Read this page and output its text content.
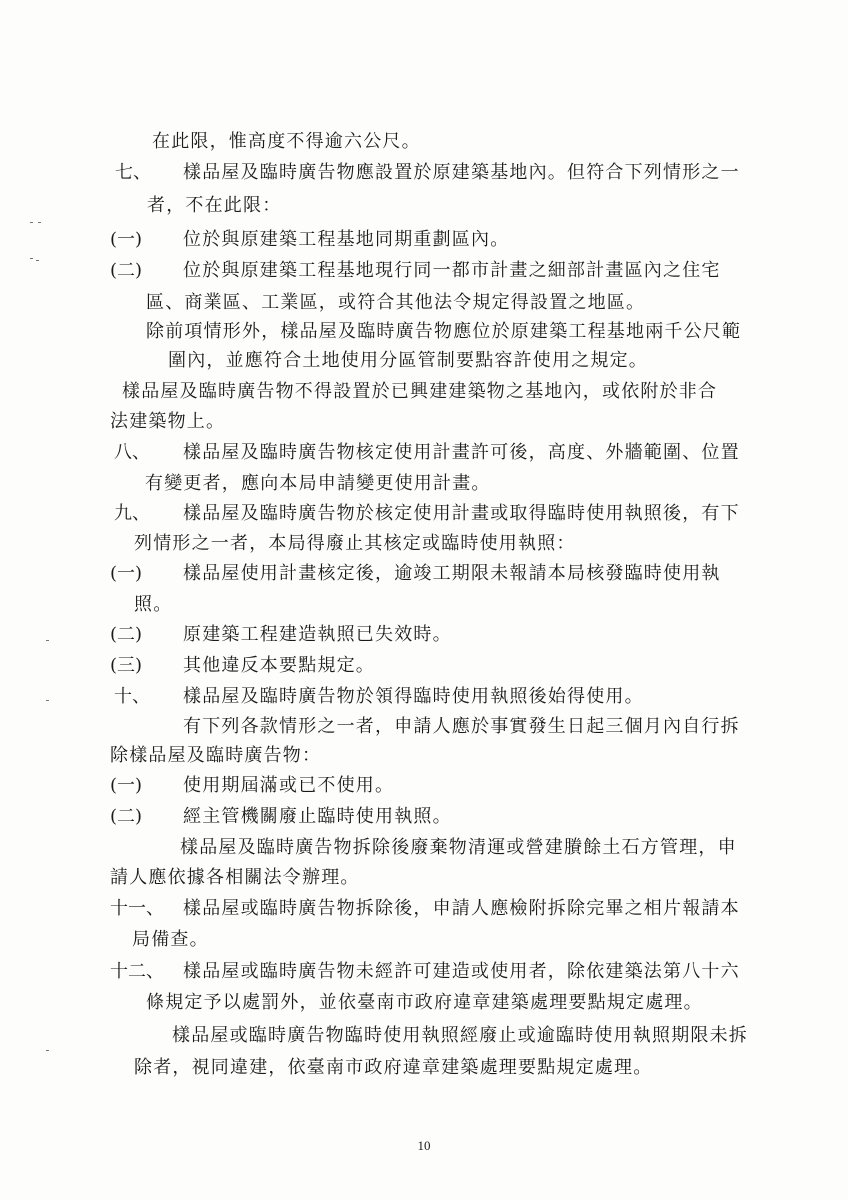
在此限，惟高度不得逾六公尺。
七、 樣品屋及臨時廣告物應設置於原建築基地內。但符合下列情形之一
者，不在此限：
(一) 位於與原建築工程基地同期重劃區內。
(二) 位於與原建築工程基地現行同一都市計畫之細部計畫區內之住宅
區、商業區、工業區，或符合其他法令規定得設置之地區。
除前項情形外，樣品屋及臨時廣告物應位於原建築工程基地兩千公尺範
圍內，並應符合土地使用分區管制要點容許使用之規定。
樣品屋及臨時廣告物不得設置於已興建建築物之基地內，或依附於非合
法建築物上。
八、 樣品屋及臨時廣告物核定使用計畫許可後，高度、外牆範圍、位置
有變更者，應向本局申請變更使用計畫。
九、 樣品屋及臨時廣告物於核定使用計畫或取得臨時使用執照後，有下
列情形之一者，本局得廢止其核定或臨時使用執照：
(一) 樣品屋使用計畫核定後，逾竣工期限未報請本局核發臨時使用執
照。
(二) 原建築工程建造執照已失效時。
(三) 其他違反本要點規定。
十、 樣品屋及臨時廣告物於領得臨時使用執照後始得使用。
有下列各款情形之一者，申請人應於事實發生日起三個月內自行拆
除樣品屋及臨時廣告物：
(一) 使用期屆滿或已不使用。
(二) 經主管機關廢止臨時使用執照。
樣品屋及臨時廣告物拆除後廢棄物清運或營建賸餘土石方管理，申
請人應依據各相關法令辦理。
十一、 樣品屋或臨時廣告物拆除後，申請人應檢附拆除完畢之相片報請本
局備查。
十二、 樣品屋或臨時廣告物未經許可建造或使用者，除依建築法第八十六
條規定予以處罰外，並依臺南市政府違章建築處理要點規定處理。
樣品屋或臨時廣告物臨時使用執照經廢止或逾臨時使用執照期限未拆
除者，視同違建，依臺南市政府違章建築處理要點規定處理。
10
